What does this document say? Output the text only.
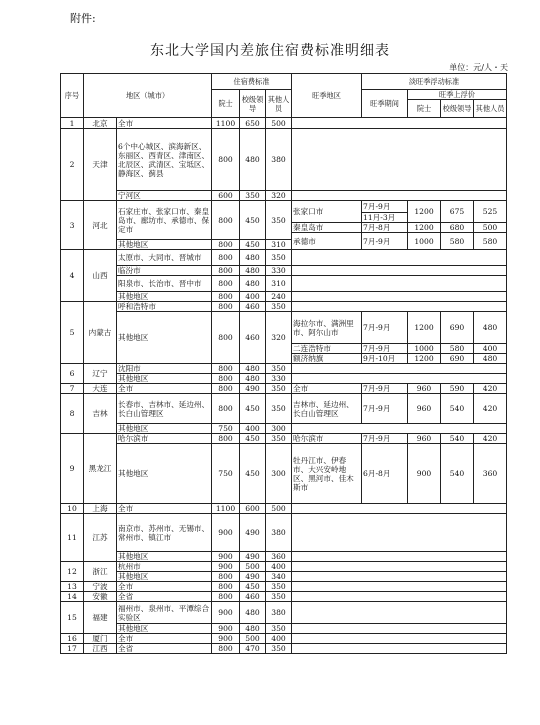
附件:
东北大学国内差旅住宿费标准明细表
单位：元/人・天
序号	地区（城市）		住宿费标准			旺季地区	淡旺季浮动标准			
			院士	校级领导	其他人员		旺季期间	旺季上浮价		
								院士	校级领导	其他人员
1	北京	全市	1100	650	500					
2	天津	6个中心城区、滨海新区、东丽区、西青区、津南区、北辰区、武清区、宝坻区、静海区、蓟县	800	480	380					
		宁河区	600	350	320					
3	河北	石家庄市、张家口市、秦皇岛市、廊坊市、承德市、保定市	800	450	350	张家口市	7月-9月	1200	675	525
							11月-3月			
						秦皇岛市	7月-8月	1200	680	500
						承德市	7月-9月	1000	580	580
		其他地区	800	450	310					
4	山西	太原市、大同市、晋城市	800	480	350					
		临汾市	800	480	330					
		阳泉市、长治市、晋中市	800	480	310					
		其他地区	800	400	240					
5	内蒙古	呼和浩特市	800	460	350					
		其他地区	800	460	320	海拉尔市、满洲里市、阿尔山市	7月-9月	1200	690	480
						二连浩特市	7月-9月	1000	580	400
						额济纳旗	9月-10月	1200	690	480
6	辽宁	沈阳市	800	480	350					
		其他地区	800	480	330					
7	大连	全市	800	490	350	全市	7月-9月	960	590	420
8	吉林	长春市、吉林市、延边州、长白山管理区	800	450	350	吉林市、延边州、长白山管理区	7月-9月	960	540	420
		其他地区	750	400	300					
9	黑龙江	哈尔滨市	800	450	350	哈尔滨市	7月-9月	960	540	420
		其他地区	750	450	300	牡丹江市、伊春市、大兴安岭地区、黑河市、佳木斯市	6月-8月	900	540	360
10	上海	全市	1100	600	500					
11	江苏	南京市、苏州市、无锡市、常州市、镇江市	900	490	380					
		其他地区	900	490	360					
12	浙江	杭州市	900	500	400					
		其他地区	800	490	340					
13	宁波	全市	800	450	350					
14	安徽	全省	800	460	350					
15	福建	福州市、泉州市、平潭综合实验区	900	480	380					
		其他地区	900	480	350					
16	厦门	全市	900	500	400					
17	江西	全省	800	470	350					
